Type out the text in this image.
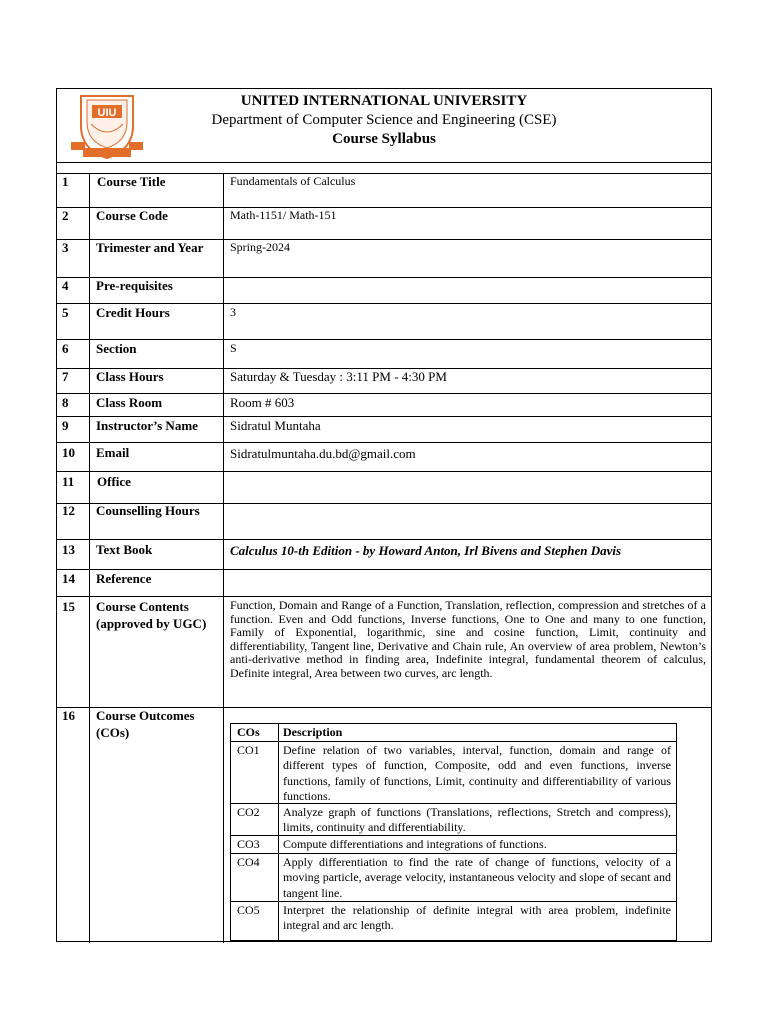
UIU
UNITED INTERNATIONAL UNIVERSITY
Department of Computer Science and Engineering (CSE)
Course Syllabus
1 Course Title	Fundamentals of Calculus
2 Course Code	Math-1151/ Math-151
3 Trimester and Year Spring-2024
4 Pre-requisites
5 Credit Hours	3
6 Section	S
7 Class Hours	Saturday & Tuesday : 3:11 PM - 4:30 PM
8 Class Room	Room # 603
9 Instructor’s Name	Sidratul Muntaha
10 Email	Sidratulmuntaha.du.bd@gmail.com
11 Office
12 Counselling Hours
13 Text Book	Calculus 10-th Edition - by Howard Anton, Irl Bivens and Stephen Davis
14 Reference
15 Course Contents (approved by UGC)
Function, Domain and Range of a Function, Translation, reflection, compression and stretches of a function. Even and Odd functions, Inverse functions, One to One and many to one function, Family of Exponential, logarithmic, sine and cosine function, Limit, continuity and differentiability, Tangent line, Derivative and Chain rule, An overview of area problem, Newton’s anti-derivative method in finding area, Indefinite integral, fundamental theorem of calculus, Definite integral, Area between two curves, arc length.
16 Course Outcomes (COs)	COs Description
CO1 Define relation of two variables, interval, function, domain and range of different types of function, Composite, odd and even functions, inverse functions, family of functions, Limit, continuity and differentiability of various functions.
CO2 Analyze graph of functions (Translations, reflections, Stretch and compress), limits, continuity and differentiability.
CO3 Compute differentiations and integrations of functions.
CO4 Apply differentiation to find the rate of change of functions, velocity of a moving particle, average velocity, instantaneous velocity and slope of secant and tangent line.
CO5 Interpret the relationship of definite integral with area problem, indefinite integral and arc length.
